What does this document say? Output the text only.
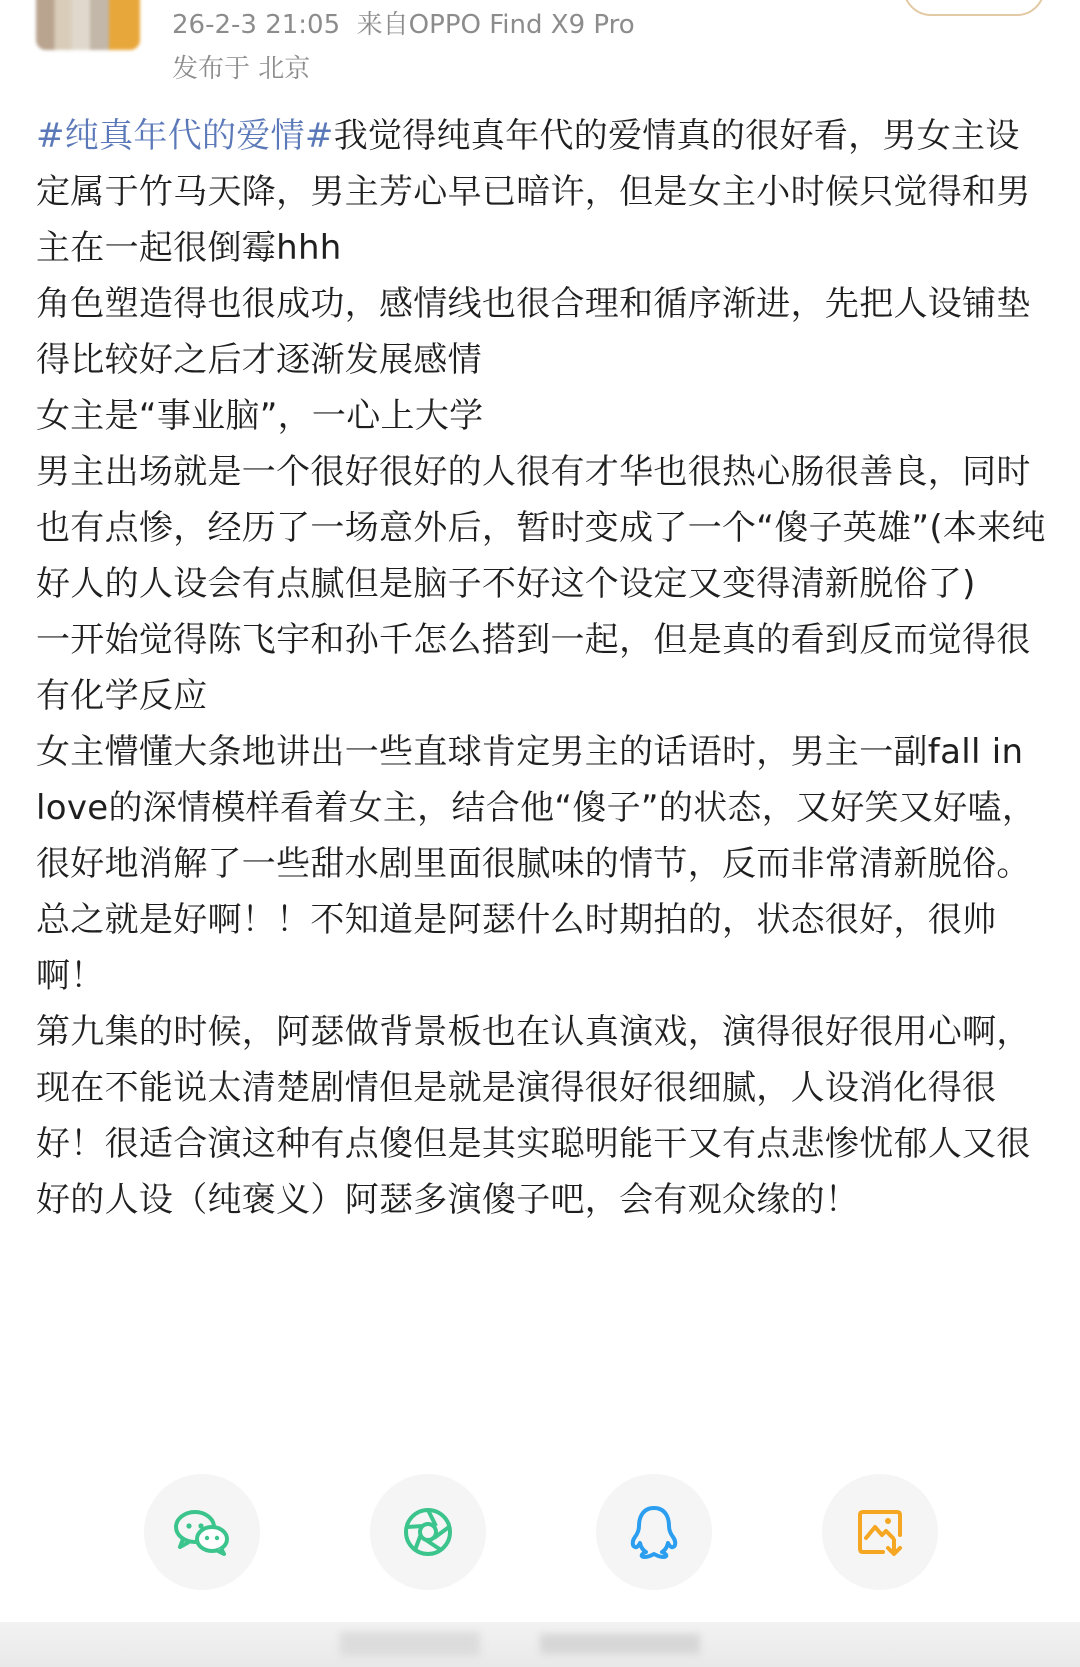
26-2-3 21:05 来自OPPO Find X9 Pro
发布于 北京

#纯真年代的爱情#我觉得纯真年代的爱情真的很好看，男女主设定属于竹马天降，男主芳心早已暗许，但是女主小时候只觉得和男主在一起很倒霉hhh

角色塑造得也很成功，感情线也很合理和循序渐进，先把人设铺垫得比较好之后才逐渐发展感情

女主是“事业脑”，一心上大学

男主出场就是一个很好很好的人很有才华也很热心肠很善良，同时也有点惨，经历了一场意外后，暂时变成了一个“傻子英雄”(本来纯好人的人设会有点腻但是脑子不好这个设定又变得清新脱俗了)

一开始觉得陈飞宇和孙千怎么搭到一起，但是真的看到反而觉得很有化学反应

女主懵懂大条地讲出一些直球肯定男主的话语时，男主一副fall in love的深情模样看着女主，结合他“傻子”的状态，又好笑又好嗑，很好地消解了一些甜水剧里面很腻味的情节，反而非常清新脱俗。

总之就是好啊！！不知道是阿瑟什么时期拍的，状态很好，很帅啊！

第九集的时候，阿瑟做背景板也在认真演戏，演得很好很用心啊，现在不能说太清楚剧情但是就是演得很好很细腻，人设消化得很好！很适合演这种有点傻但是其实聪明能干又有点悲惨忧郁人又很好的人设（纯褒义）阿瑟多演傻子吧，会有观众缘的！
